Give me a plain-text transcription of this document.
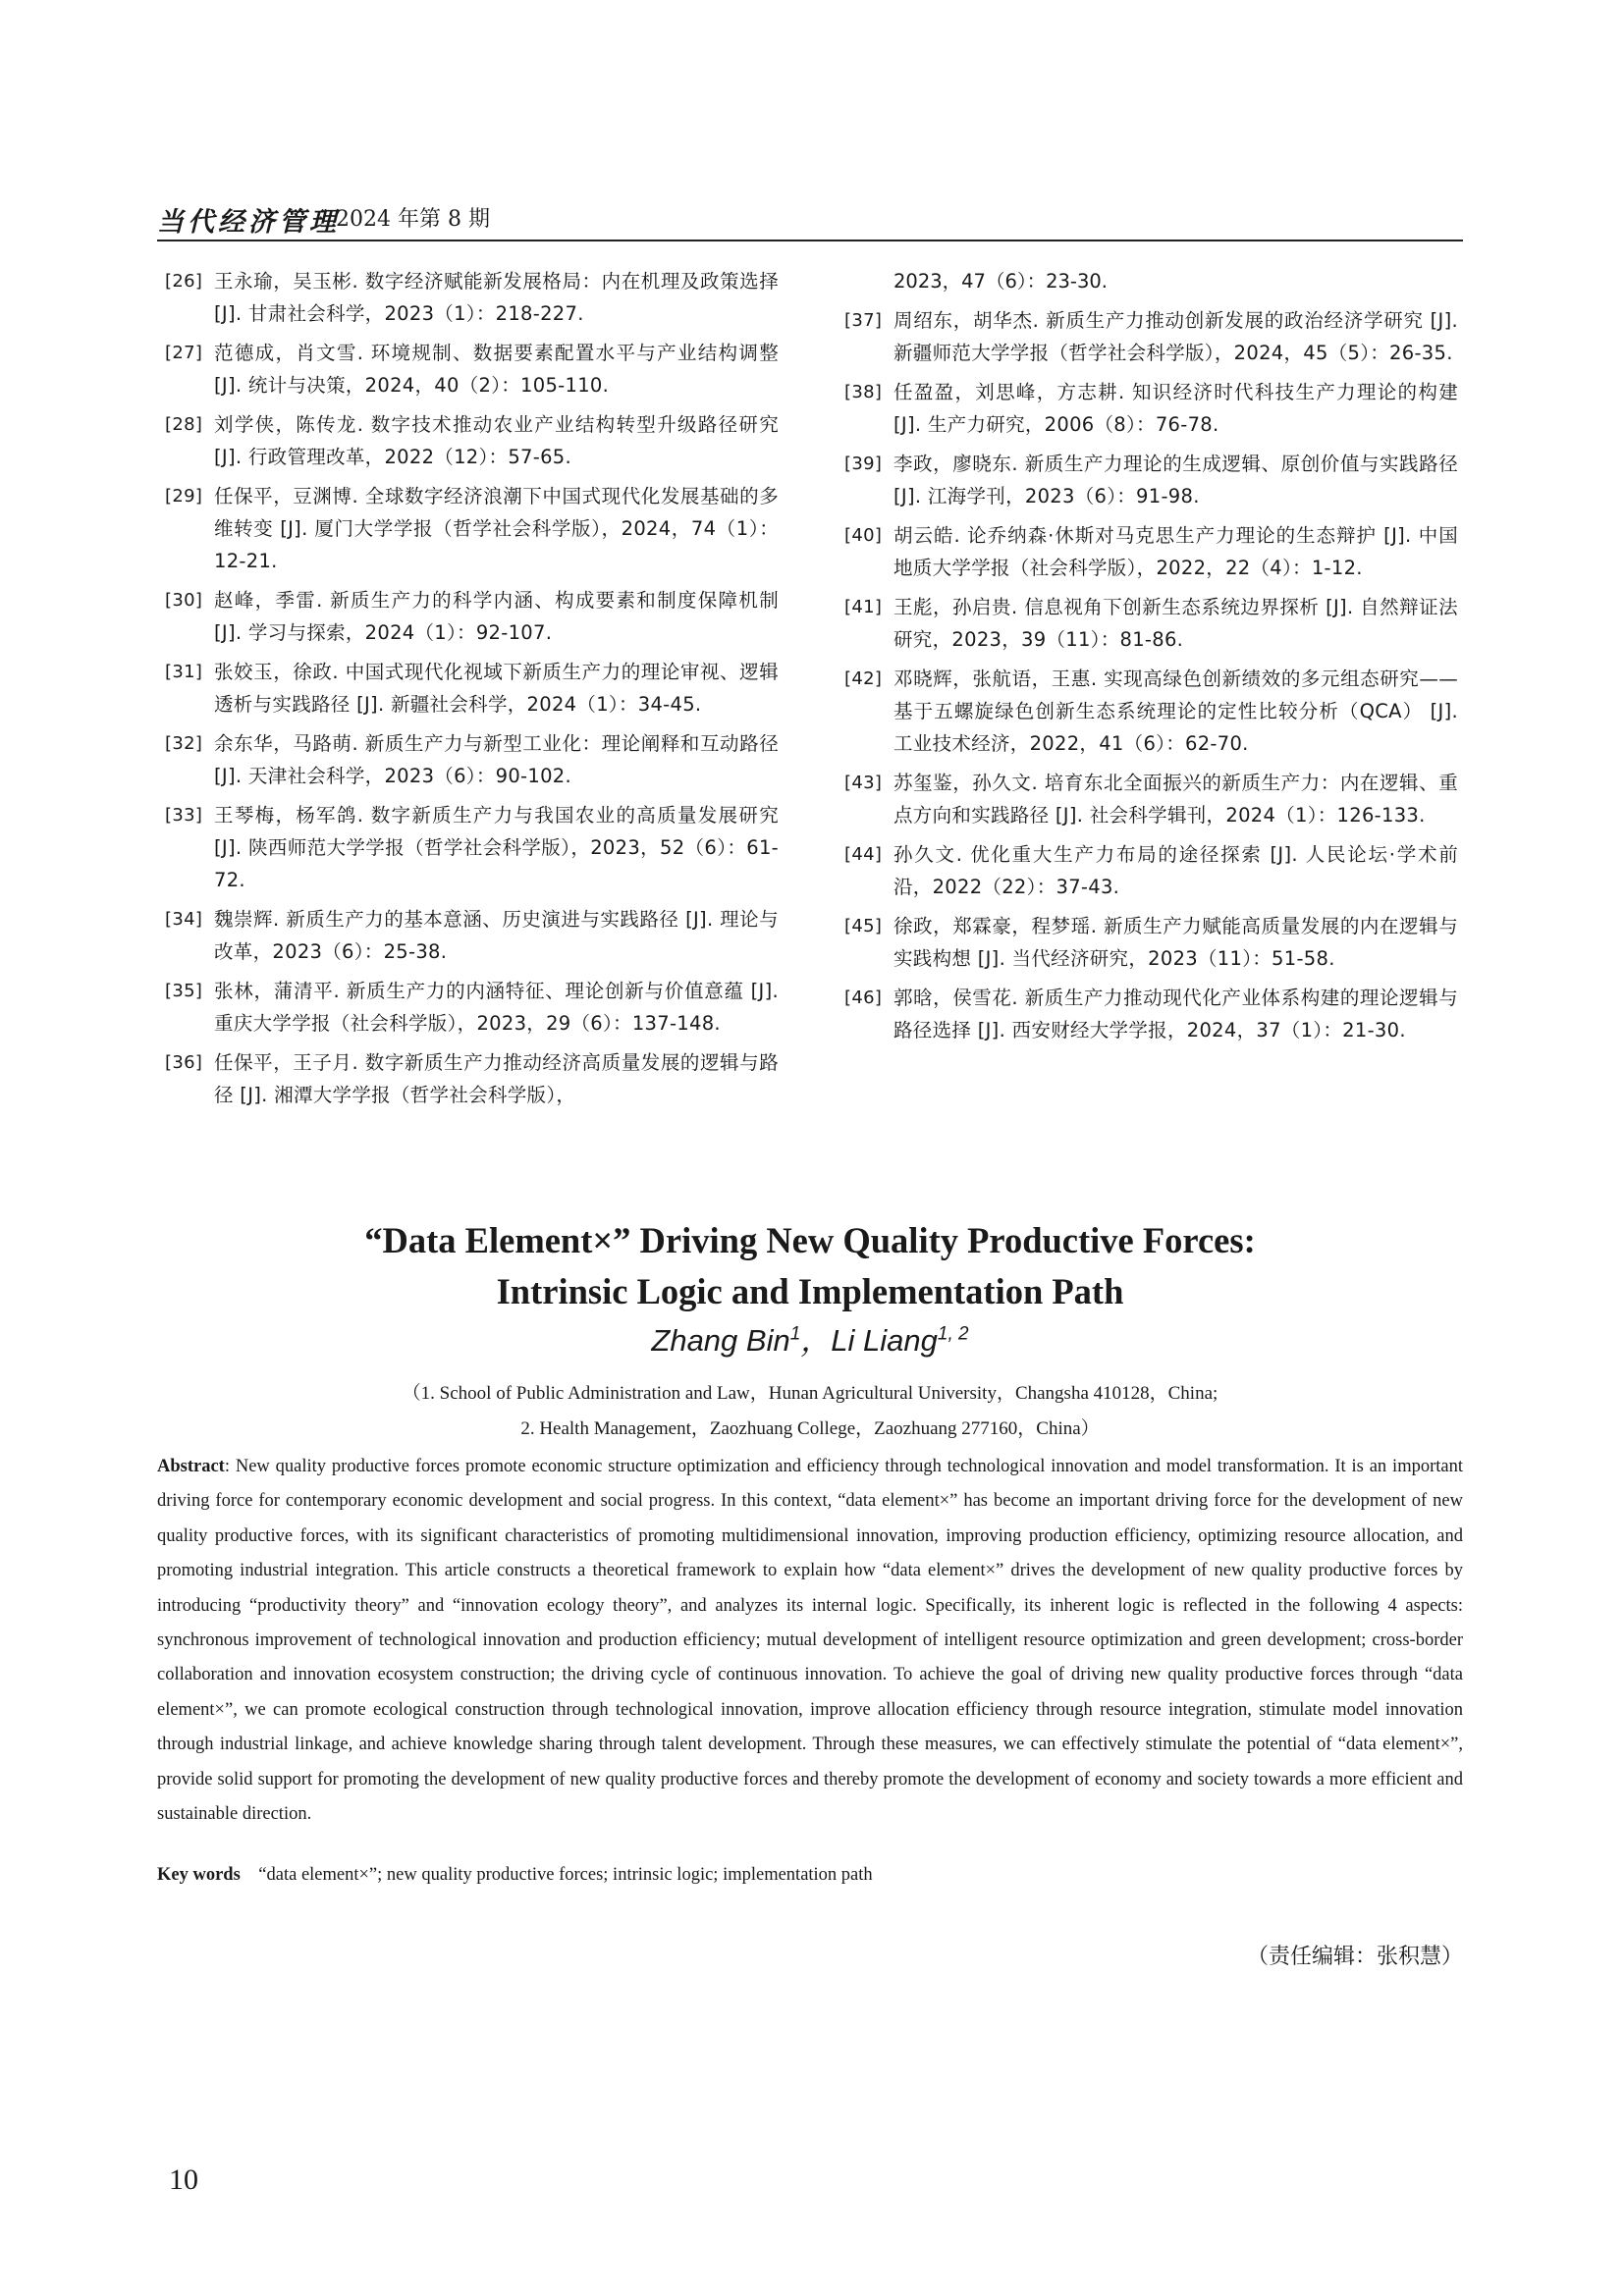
当代经济管理
2024 年第 8 期
[26] 王永瑜，吴玉彬. 数字经济赋能新发展格局：内在机理及政策选择 [J]. 甘肃社会科学，2023（1）：218-227.
[27] 范德成，肖文雪. 环境规制、数据要素配置水平与产业结构调整 [J]. 统计与决策，2024，40（2）：105-110.
[28] 刘学侠，陈传龙. 数字技术推动农业产业结构转型升级路径研究 [J]. 行政管理改革，2022（12）：57-65.
[29] 任保平，豆渊博. 全球数字经济浪潮下中国式现代化发展基础的多维转变 [J]. 厦门大学学报（哲学社会科学版），2024，74（1）：12-21.
[30] 赵峰，季雷. 新质生产力的科学内涵、构成要素和制度保障机制 [J]. 学习与探索，2024（1）：92-107.
[31] 张姣玉，徐政. 中国式现代化视域下新质生产力的理论审视、逻辑透析与实践路径 [J]. 新疆社会科学，2024（1）：34-45.
[32] 余东华，马路萌. 新质生产力与新型工业化：理论阐释和互动路径 [J]. 天津社会科学，2023（6）：90-102.
[33] 王琴梅，杨军鸽. 数字新质生产力与我国农业的高质量发展研究 [J]. 陕西师范大学学报（哲学社会科学版），2023，52（6）：61-72.
[34] 魏崇辉. 新质生产力的基本意涵、历史演进与实践路径 [J]. 理论与改革，2023（6）：25-38.
[35] 张林，蒲清平. 新质生产力的内涵特征、理论创新与价值意蕴 [J]. 重庆大学学报（社会科学版），2023，29（6）：137-148.
[36] 任保平，王子月. 数字新质生产力推动经济高质量发展的逻辑与路径 [J]. 湘潭大学学报（哲学社会科学版），
2023，47（6）：23-30.
[37] 周绍东，胡华杰. 新质生产力推动创新发展的政治经济学研究 [J]. 新疆师范大学学报（哲学社会科学版），2024，45（5）：26-35.
[38] 任盈盈，刘思峰，方志耕. 知识经济时代科技生产力理论的构建 [J]. 生产力研究，2006（8）：76-78.
[39] 李政，廖晓东. 新质生产力理论的生成逻辑、原创价值与实践路径 [J]. 江海学刊，2023（6）：91-98.
[40] 胡云皓. 论乔纳森·休斯对马克思生产力理论的生态辩护 [J]. 中国地质大学学报（社会科学版），2022，22（4）：1-12.
[41] 王彪，孙启贵. 信息视角下创新生态系统边界探析 [J]. 自然辩证法研究，2023，39（11）：81-86.
[42] 邓晓辉，张航语，王惠. 实现高绿色创新绩效的多元组态研究——基于五螺旋绿色创新生态系统理论的定性比较分析（QCA） [J]. 工业技术经济，2022，41（6）：62-70.
[43] 苏玺鉴，孙久文. 培育东北全面振兴的新质生产力：内在逻辑、重点方向和实践路径 [J]. 社会科学辑刊，2024（1）：126-133.
[44] 孙久文. 优化重大生产力布局的途径探索 [J]. 人民论坛·学术前沿，2022（22）：37-43.
[45] 徐政，郑霖豪，程梦瑶. 新质生产力赋能高质量发展的内在逻辑与实践构想 [J]. 当代经济研究，2023（11）：51-58.
[46] 郭晗，侯雪花. 新质生产力推动现代化产业体系构建的理论逻辑与路径选择 [J]. 西安财经大学学报，2024，37（1）：21-30.
“Data Element×” Driving New Quality Productive Forces:
Intrinsic Logic and Implementation Path
Zhang Bin$^1$，Li Liang$^{1, 2}$
（1. School of Public Administration and Law，Hunan Agricultural University，Changsha 410128，China;
2. Health Management，Zaozhuang College，Zaozhuang 277160，China）
Abstract: New quality productive forces promote economic structure optimization and efficiency through technological innovation and model transformation. It is an important driving force for contemporary economic development and social progress. In this context, “data element×” has become an important driving force for the development of new quality productive forces, with its significant characteristics of promoting multidimensional innovation, improving production efficiency, optimizing resource allocation, and promoting industrial integration. This article constructs a theoretical framework to explain how “data element×” drives the development of new quality productive forces by introducing “productivity theory” and “innovation ecology theory”, and analyzes its internal logic. Specifically, its inherent logic is reflected in the following 4 aspects: synchronous improvement of technological innovation and production efficiency; mutual development of intelligent resource optimization and green development; cross-border collaboration and innovation ecosystem construction; the driving cycle of continuous innovation. To achieve the goal of driving new quality productive forces through “data element×”, we can promote ecological construction through technological innovation, improve allocation efficiency through resource integration, stimulate model innovation through industrial linkage, and achieve knowledge sharing through talent development. Through these measures, we can effectively stimulate the potential of “data element×”, provide solid support for promoting the development of new quality productive forces and thereby promote the development of economy and society towards a more efficient and sustainable direction.
Key words “data element×”; new quality productive forces; intrinsic logic; implementation path
（责任编辑：张积慧）
10
